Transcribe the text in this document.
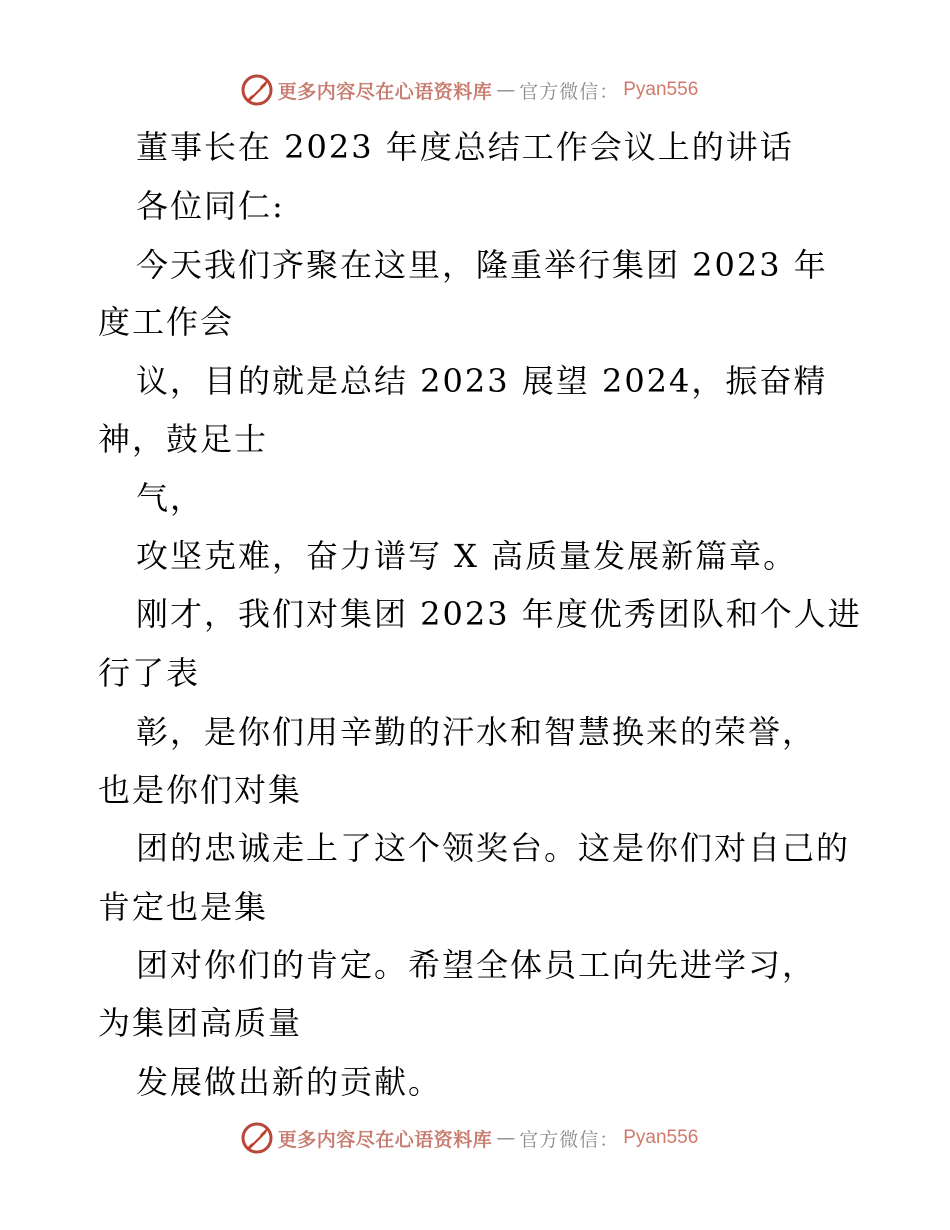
更多内容尽在心语资料库 — 官方微信： Pyan556
董事长在 2023 年度总结工作会议上的讲话
各位同仁:
今天我们齐聚在这里，隆重举行集团 2023 年
度工作会
议，目的就是总结 2023 展望 2024，振奋精
神，鼓足士
气，
攻坚克难，奋力谱写 X 高质量发展新篇章。
刚才，我们对集团 2023 年度优秀团队和个人进
行了表
彰，是你们用辛勤的汗水和智慧换来的荣誉，
也是你们对集
团的忠诚走上了这个领奖台。这是你们对自己的
肯定也是集
团对你们的肯定。希望全体员工向先进学习，
为集团高质量
发展做出新的贡献。
更多内容尽在心语资料库 — 官方微信： Pyan556
